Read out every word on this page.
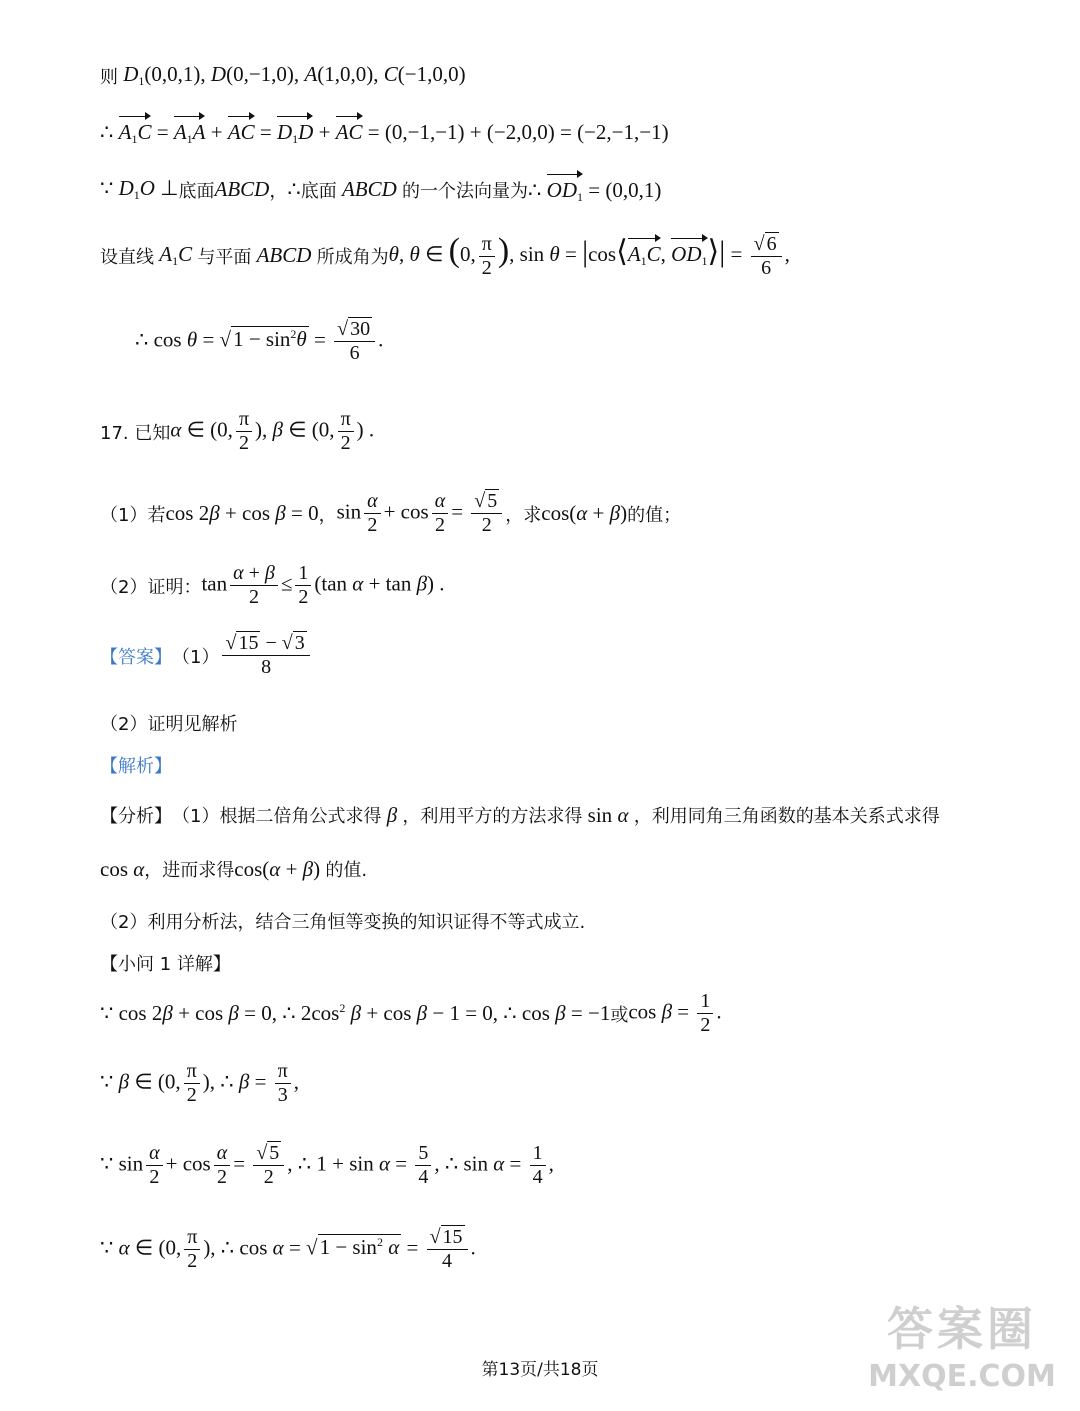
则 $D_1(0,0,1)$, D(0,−1,0), A(1,0,0), C(−1,0,0)
∴ $A_1C = A_1A$ + AC = $D_1D$ + AC = (0,−1,−1) + (−2,0,0) = (−2,−1,−1)
∵ $D_1O$ ⊥ 底面 ABCD ， ∴ 底面 ABCD 的一个法向量为 ∴ $OD_1 = (0,0,1)$
设直线 $A_1C$ 与平面 ABCD 所成角为 θ, θ ∈ (0, $\frac{\pi}{2}$ ), $\sin \theta = |\cos⟨A_1C$, $OD_1⟩| = \frac{√ 6}{6}$ ,
∴ $\cos \theta = √1 - \sin^2\theta = \frac{√ 30}{6}$ .
17. 已知 α ∈ (0, $\frac{\pi}{2}$ ), β ∈ (0, $\frac{\pi}{2}$ ) .
（1）若 cos 2β + cos β = 0 ， $\sin \frac{\alpha}{2} + \cos \frac{\alpha}{2} = \frac{√ 5}{2}$ ，求 cos(α + β) 的值；
（2）证明： $\tan \frac{\alpha + \beta}{2} \le \frac{1}{2} (\tan$ α + tan β) .
【答案】 $(1) \frac{√ 15 - √ 3}{8}$
（2）证明见解析
【解析】
【分析】 （1）根据二倍角公式求得 β ，利用平方的方法求得 sin α ，利用同角三角函数的基本关系式求得
cos α ，进而求得 cos(α + β) 的值.
（2）利用分析法，结合三角恒等变换的知识证得不等式成立.
【小问 1 详解】
∵ cos 2β + cos β = 0, ∴ $2\cos^2$ β + cos β − 1 = 0, ∴ cos β = −1 或 $\cos \beta = \frac{1}{2}$ .
∵ β ∈ (0, $\frac{\pi}{2}$ ), ∴ $\beta = \frac{\pi}{3}$ ,
∵ $\sin \frac{\alpha}{2} + \cos \frac{\alpha}{2} = \frac{√ 5}{2}$ , ∴ $1 + \sin \alpha = \frac{5}{4}$ , ∴ $\sin \alpha = \frac{1}{4}$ ,
∵ α ∈ (0, $\frac{\pi}{2}$ ), ∴ $\cos \alpha = √1 - \sin^2 \alpha = \frac{√ 15}{4}$ .
第13页/共18页
答案圈
MXQE.COM
